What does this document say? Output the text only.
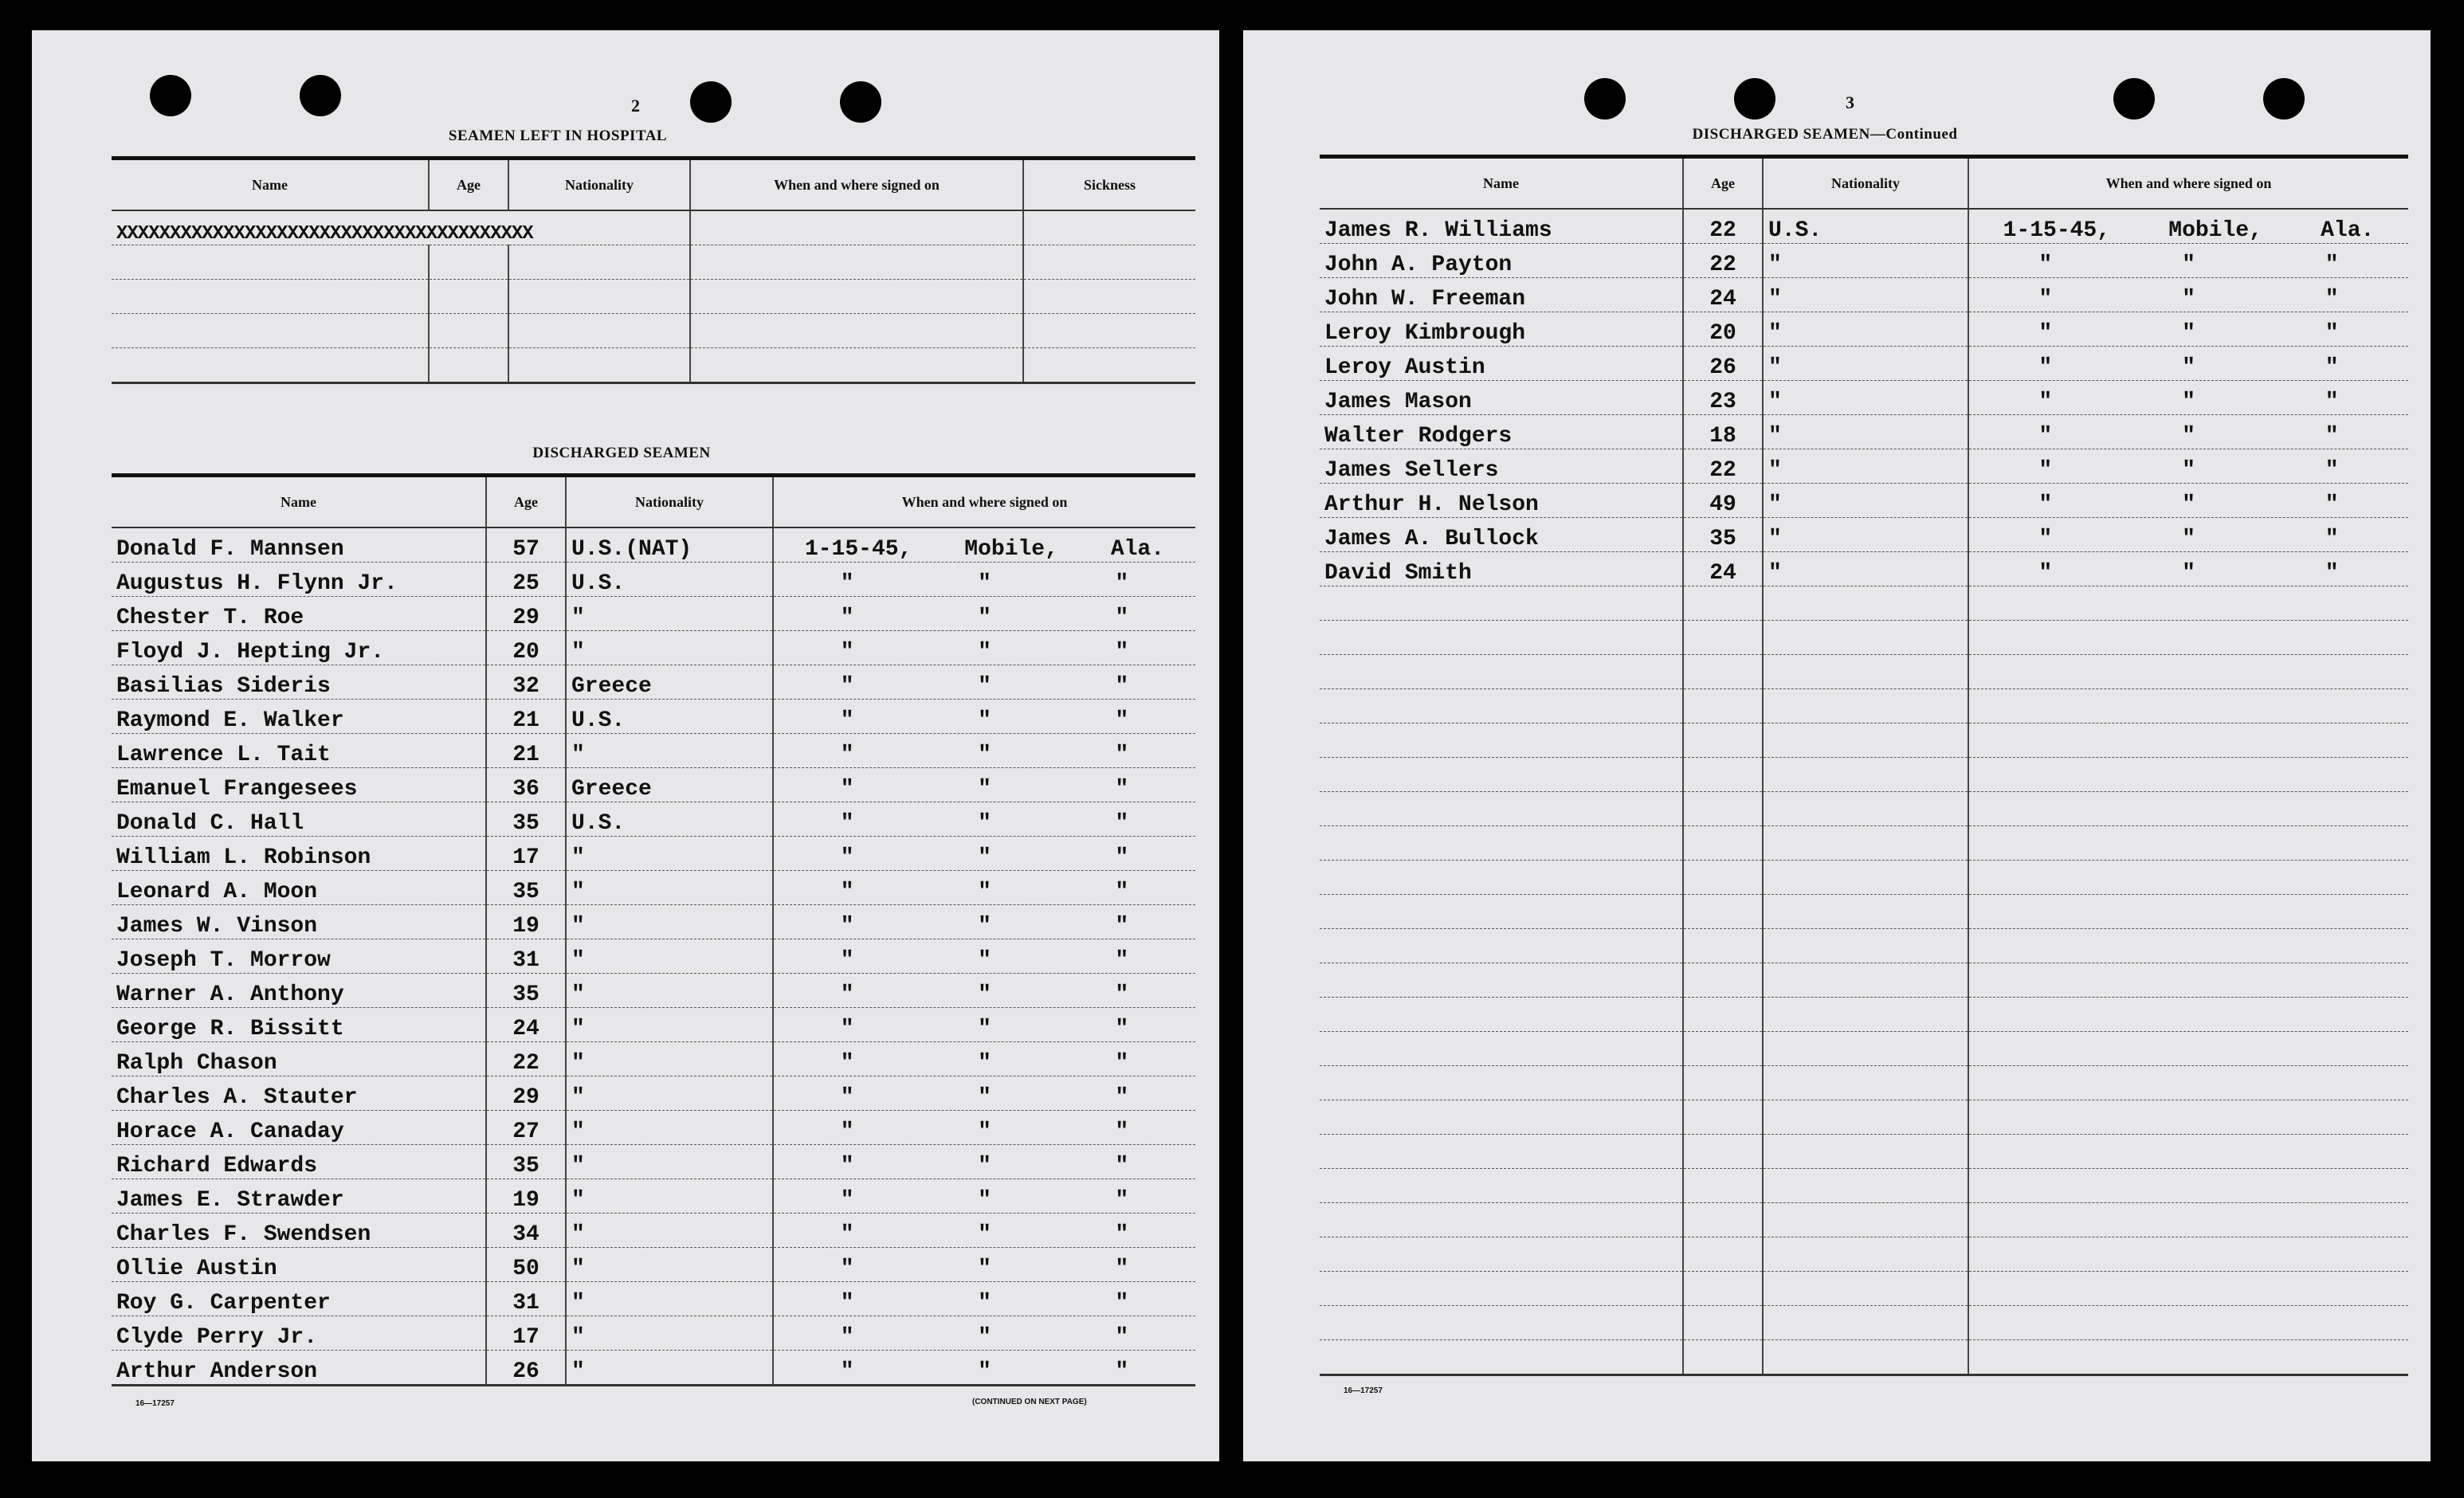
2
SEAMEN LEFT IN HOSPITAL
Name	Age	Nationality	When and where signed on	Sickness
XXXXXXXXXXXXXXXXXXXXXXXXXXXXXXXXXXXXXXX				

DISCHARGED SEAMEN
Name	Age	Nationality	When and where signed on
Donald F. Mannsen	57	U.S.(NAT)	1-15-45, Mobile, Ala.

Augustus H. Flynn Jr.	25	U.S.	" " "

Chester T. Roe	29	"	" " "

Floyd J. Hepting Jr.	20	"	" " "

Basilias Sideris	32	Greece	" " "

Raymond E. Walker	21	U.S.	" " "

Lawrence L. Tait	21	"	" " "

Emanuel Frangesees	36	Greece	" " "

Donald C. Hall	35	U.S.	" " "

William L. Robinson	17	"	" " "

Leonard A. Moon	35	"	" " "

James W. Vinson	19	"	" " "

Joseph T. Morrow	31	"	" " "

Warner A. Anthony	35	"	" " "

George R. Bissitt	24	"	" " "

Ralph Chason	22	"	" " "

Charles A. Stauter	29	"	" " "

Horace A. Canaday	27	"	" " "

Richard Edwards	35	"	" " "

James E. Strawder	19	"	" " "

Charles F. Swendsen	34	"	" " "

Ollie Austin	50	"	" " "

Roy G. Carpenter	31	"	" " "

Clyde Perry Jr.	17	"	" " "

Arthur Anderson	26	"	" " "
16—17257	(CONTINUED ON NEXT PAGE)
3
DISCHARGED SEAMEN—Continued
Name	Age	Nationality	When and where signed on
James R. Williams	22	U.S.	1-15-45, Mobile, Ala.

John A. Payton	22	"	" " "

John W. Freeman	24	"	" " "

Leroy Kimbrough	20	"	" " "

Leroy Austin	26	"	" " "

James Mason	23	"	" " "

Walter Rodgers	18	"	" " "

James Sellers	22	"	" " "

Arthur H. Nelson	49	"	" " "

James A. Bullock	35	"	" " "

David Smith	24	"	" " "

16—17257
